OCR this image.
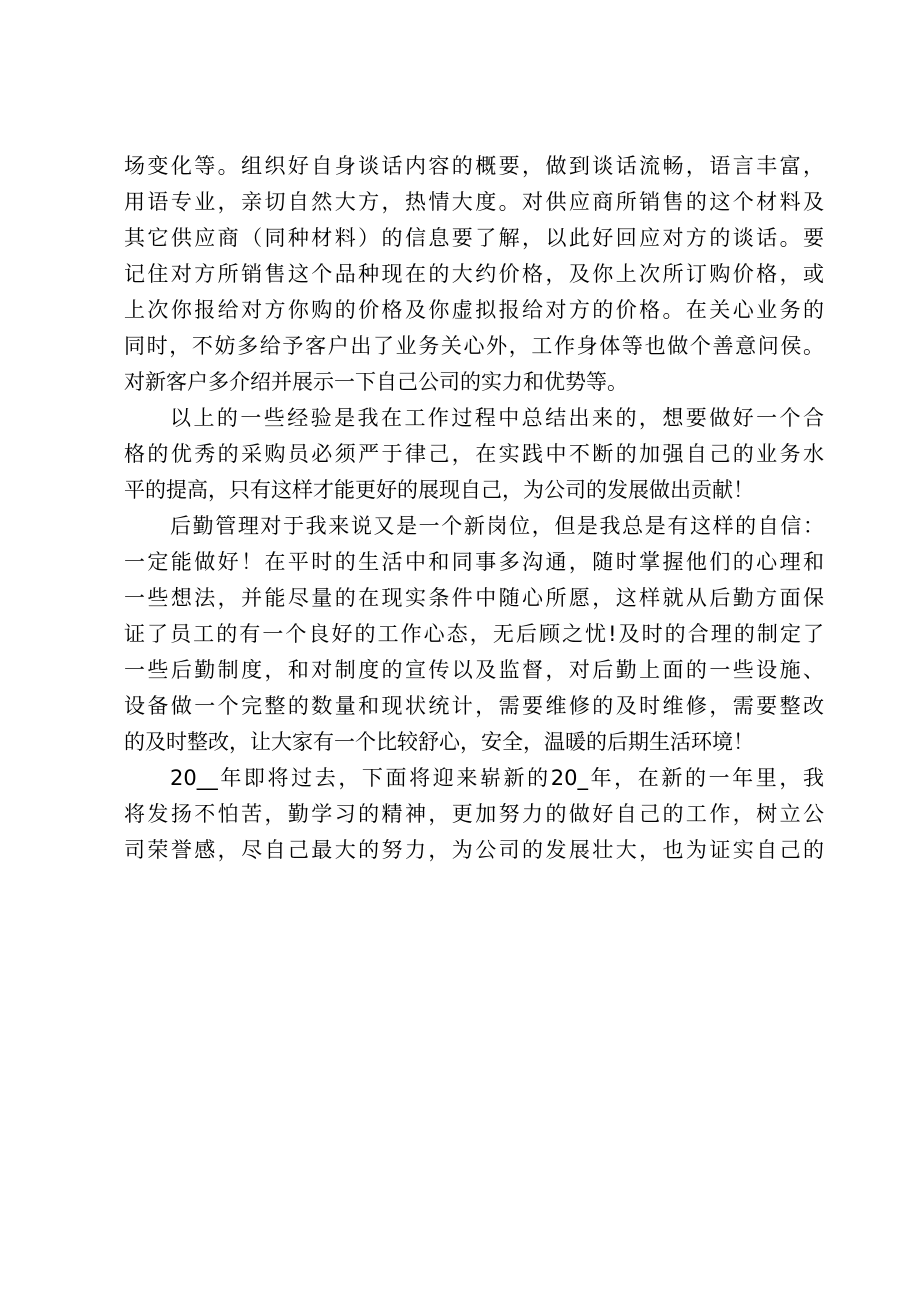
场变化等。组织好自身谈话内容的概要，做到谈话流畅，语言丰富，
用语专业，亲切自然大方，热情大度。对供应商所销售的这个材料及
其它供应商（同种材料）的信息要了解，以此好回应对方的谈话。要
记住对方所销售这个品种现在的大约价格，及你上次所订购价格，或
上次你报给对方你购的价格及你虚拟报给对方的价格。在关心业务的
同时，不妨多给予客户出了业务关心外，工作身体等也做个善意问侯。
对新客户多介绍并展示一下自己公司的实力和优势等。
以上的一些经验是我在工作过程中总结出来的，想要做好一个合
格的优秀的采购员必须严于律己，在实践中不断的加强自己的业务水
平的提高，只有这样才能更好的展现自己，为公司的发展做出贡献！
后勤管理对于我来说又是一个新岗位，但是我总是有这样的自信：
一定能做好！在平时的生活中和同事多沟通，随时掌握他们的心理和
一些想法，并能尽量的在现实条件中随心所愿，这样就从后勤方面保
证了员工的有一个良好的工作心态，无后顾之忧!及时的合理的制定了
一些后勤制度，和对制度的宣传以及监督，对后勤上面的一些设施、
设备做一个完整的数量和现状统计，需要维修的及时维修，需要整改
的及时整改，让大家有一个比较舒心，安全，温暖的后期生活环境！
20__年即将过去，下面将迎来崭新的20_年，在新的一年里，我
将发扬不怕苦，勤学习的精神，更加努力的做好自己的工作，树立公
司荣誉感，尽自己最大的努力，为公司的发展壮大，也为证实自己的
